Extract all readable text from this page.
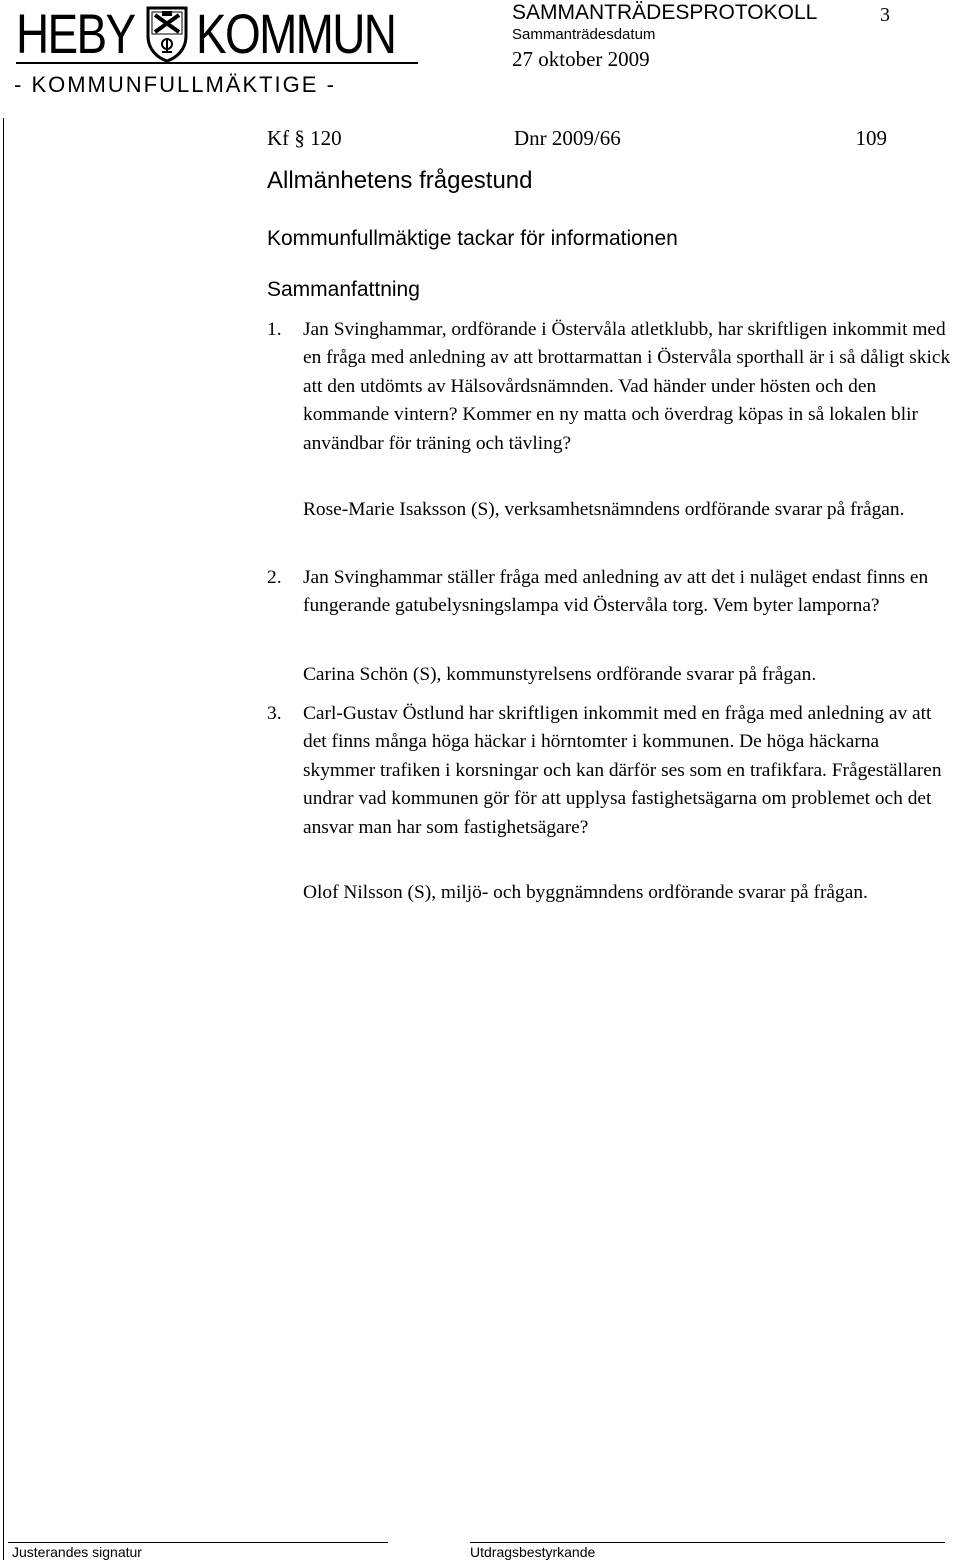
HEBY KOMMUN
- KOMMUNFULLMÄKTIGE -
SAMMANTRÄDESPROTOKOLL	3
Sammanträdesdatum
27 oktober 2009
Kf § 120	Dnr 2009/66	109
Allmänhetens frågestund
Kommunfullmäktige tackar för informationen
Sammanfattning
1. Jan Svinghammar, ordförande i Östervåla atletklubb, har skriftligen inkommit med en fråga med anledning av att brottarmattan i Östervåla sporthall är i så dåligt skick att den utdömts av Hälsovårdsnämnden. Vad händer under hösten och den kommande vintern? Kommer en ny matta och överdrag köpas in så lokalen blir användbar för träning och tävling?
Rose-Marie Isaksson (S), verksamhetsnämndens ordförande svarar på frågan.
2. Jan Svinghammar ställer fråga med anledning av att det i nuläget endast finns en fungerande gatubelysningslampa vid Östervåla torg. Vem byter lamporna?
Carina Schön (S), kommunstyrelsens ordförande svarar på frågan.
3. Carl-Gustav Östlund har skriftligen inkommit med en fråga med anledning av att det finns många höga häckar i hörntomter i kommunen. De höga häckarna skymmer trafiken i korsningar och kan därför ses som en trafikfara. Frågeställaren undrar vad kommunen gör för att upplysa fastighetsägarna om problemet och det ansvar man har som fastighetsägare?
Olof Nilsson (S), miljö- och byggnämndens ordförande svarar på frågan.
Justerandes signatur	Utdragsbestyrkande
